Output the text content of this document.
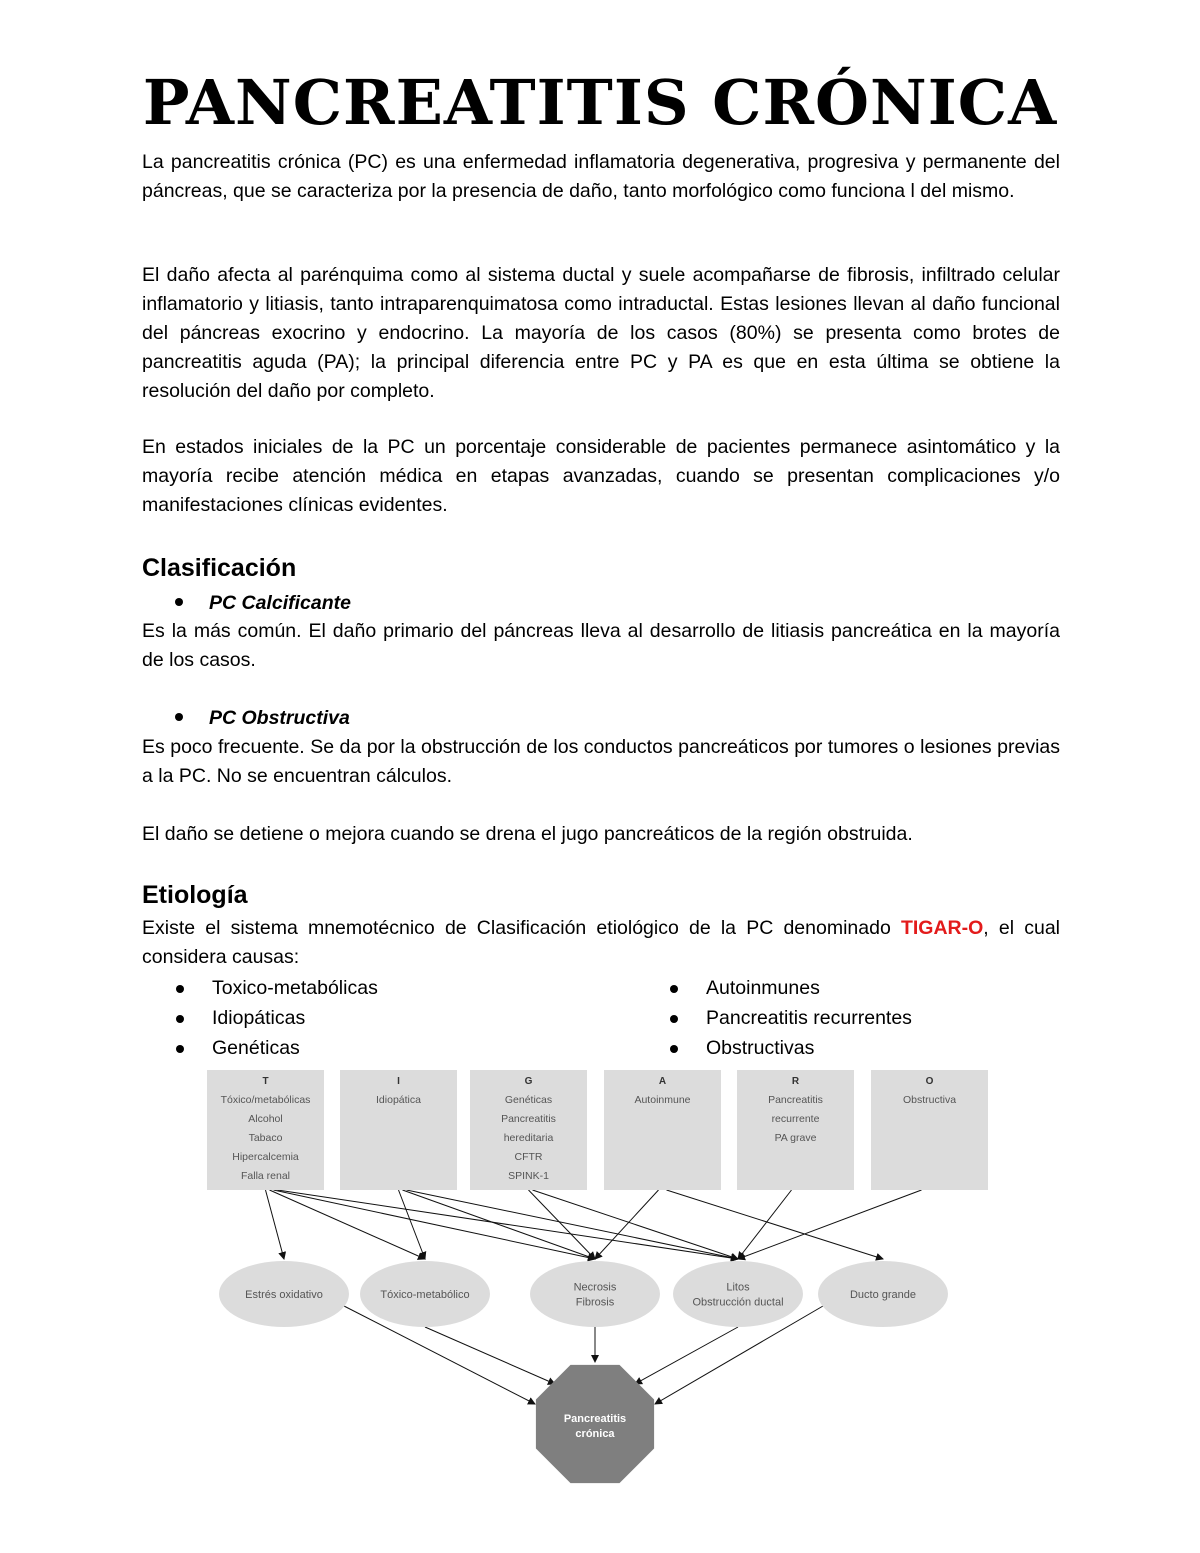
PANCREATITIS CRÓNICA

La pancreatitis crónica (PC) es una enfermedad inflamatoria degenerativa, progresiva y permanente del páncreas, que se caracteriza por la presencia de daño, tanto morfológico como funciona l del mismo.

El daño afecta al parénquima como al sistema ductal y suele acompañarse de fibrosis, infiltrado celular inflamatorio y litiasis, tanto intraparenquimatosa como intraductal. Estas lesiones llevan al daño funcional del páncreas exocrino y endocrino. La mayoría de los casos (80%) se presenta como brotes de pancreatitis aguda (PA); la principal diferencia entre PC y PA es que en esta última se obtiene la resolución del daño por completo.

En estados iniciales de la PC un porcentaje considerable de pacientes permanece asintomático y la mayoría recibe atención médica en etapas avanzadas, cuando se presentan complicaciones y/o manifestaciones clínicas evidentes.

Clasificación
PC Calcificante

Es la más común. El daño primario del páncreas lleva al desarrollo de litiasis pancreática en la mayoría de los casos.

PC Obstructiva

Es poco frecuente. Se da por la obstrucción de los conductos pancreáticos por tumores o lesiones previas a la PC. No se encuentran cálculos.

El daño se detiene o mejora cuando se drena el jugo pancreáticos de la región obstruida.

Etiología

Existe el sistema mnemotécnico de Clasificación etiológico de la PC denominado TIGAR-O, el cual considera causas:

Toxico-metabólicas
Idiopáticas
Genéticas
Autoinmunes
Pancreatitis recurrentes
Obstructivas
T
Tóxico/metabólicas
Alcohol
Tabaco
Hipercalcemia
Falla renal
I
Idiopática
G
Genéticas
Pancreatitis
hereditaria
CFTR
SPINK-1
A
Autoinmune
R
Pancreatitis
recurrente
PA grave
O
Obstructiva
Estrés oxidativo	Tóxico-metabólico
Necrosis
Fibrosis
Litos
Obstrucción ductal
Ducto grande
Pancreatitis
crónica
